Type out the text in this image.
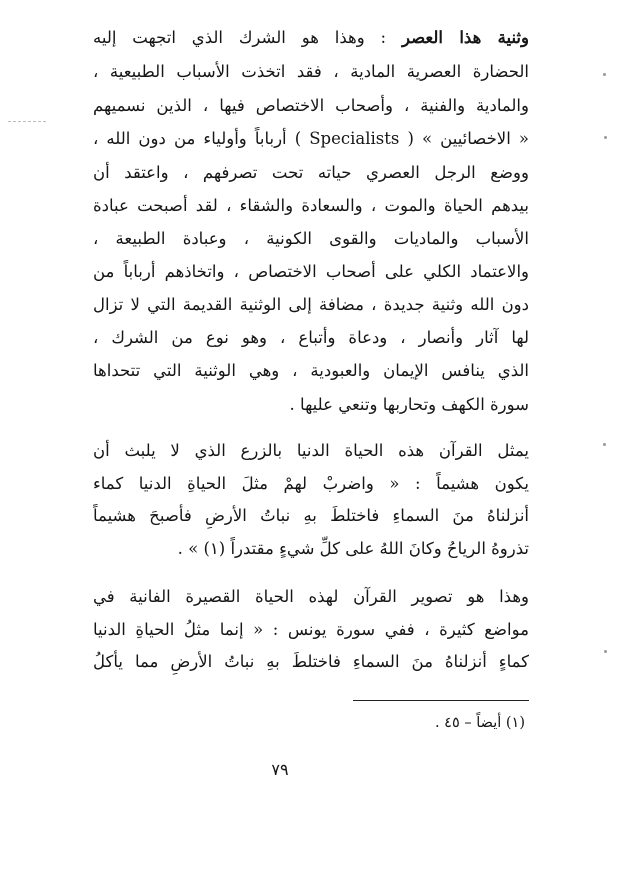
وثنية هذا العصر : وهذا هو الشرك الذي اتجهت إليه
الحضارة العصرية المادية ، فقد اتخذت الأسباب الطبيعية ،
والمادية والفنية ، وأصحاب الاختصاص فيها ، الذين نسميهم
« الاخصائيين » ( Specialists ) أرباباً وأولياء من دون الله ،
ووضع الرجل العصري حياته تحت تصرفهم ، واعتقد أن
بيدهم الحياة والموت ، والسعادة والشقاء ، لقد أصبحت عبادة
الأسباب والماديات والقوى الكونية ، وعبادة الطبيعة ،
والاعتماد الكلي على أصحاب الاختصاص ، واتخاذهم أرباباً من
دون الله وثنية جديدة ، مضافة إلى الوثنية القديمة التي لا تزال
لها آثار وأنصار ، ودعاة وأتباع ، وهو نوع من الشرك ،
الذي ينافس الإيمان والعبودية ، وهي الوثنية التي تتحداها
سورة الكهف وتحاربها وتنعي عليها .
يمثل القرآن هذه الحياة الدنيا بالزرع الذي لا يلبث أن
يكون هشيماً : « واضربْ لهمْ مثلَ الحياةِ الدنيا كماء
أنزلناهُ منَ السماءِ فاختلطَ بهِ نباتُ الأرضِ فأصبحَ هشيماً
تذروهُ الرياحُ وكانَ اللهُ على كلِّ شيءٍ مقتدراً (١) » .
وهذا هو تصوير القرآن لهذه الحياة القصيرة الفانية في
مواضع كثيرة ، ففي سورة يونس : « إنما مثلُ الحياةِ الدنيا
كماءٍ أنزلناهُ منَ السماءِ فاختلطَ بهِ نباتُ الأرضِ مما يأكلُ
(١) أيضاً – ٤٥ .
٧٩
